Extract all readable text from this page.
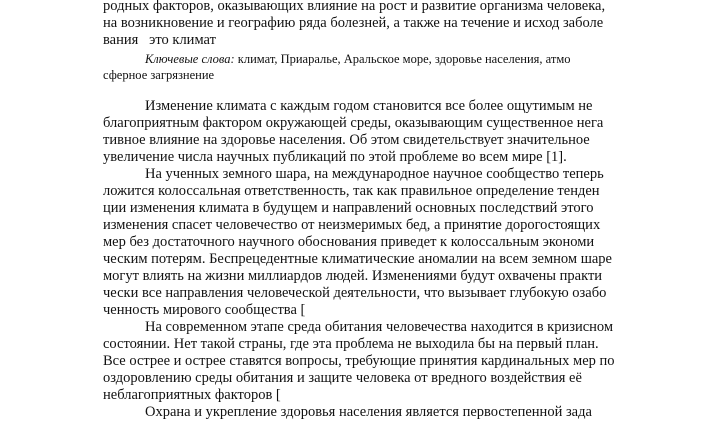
родных факторов, оказывающих влияние на рост и развитие организма человека,

на возникновение и географию ряда болезней, а также на течение и исход заболе

вания   это климат

Ключевые слова: климат, Приаралье, Аральское море, здоровье населения, атмо

сферное загрязнение

Изменение климата с каждым годом становится все более ощутимым не

благоприятным фактором окружающей среды, оказывающим существенное нега

тивное влияние на здоровье населения. Об этом свидетельствует значительное

увеличение числа научных публикаций по этой проблеме во всем мире [1].

На ученных земного шара, на международное научное сообщество теперь

ложится колоссальная ответственность, так как правильное определение тенден

ции изменения климата в будущем и направлений основных последствий этого

изменения спасет человечество от неизмеримых бед, а принятие дорогостоящих

мер без достаточного научного обоснования приведет к колоссальным экономи

ческим потерям. Беспрецедентные климатические аномалии на всем земном шаре

могут влиять на жизни миллиардов людей. Изменениями будут охвачены практи

чески все направления человеческой деятельности, что вызывает глубокую озабо

ченность мирового сообщества [

На современном этапе среда обитания человечества находится в кризисном

состоянии. Нет такой страны, где эта проблема не выходила бы на первый план.

Все острее и острее ставятся вопросы, требующие принятия кардинальных мер по

оздоровлению среды обитания и защите человека от вредного воздействия её

неблагоприятных факторов [

Охрана и укрепление здоровья населения является первостепенной зада
